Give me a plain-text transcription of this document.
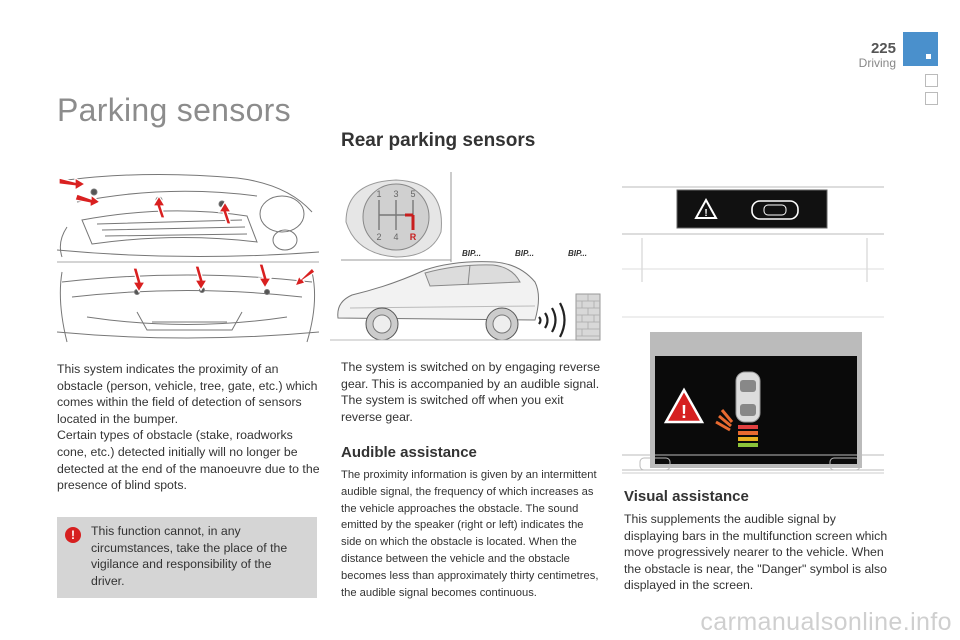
225
Driving
Parking sensors
Rear parking sensors
1 3 5
2 4 R
BIP...	BIP...	BIP...
!
!
This system indicates the proximity of an obstacle (person, vehicle, tree, gate, etc.) which comes within the field of detection of sensors located in the bumper.
Certain types of obstacle (stake, roadworks cone, etc.) detected initially will no longer be detected at the end of the manoeuvre due to the presence of blind spots.
!	This function cannot, in any circumstances, take the place of the vigilance and responsibility of the driver.
The system is switched on by engaging reverse gear. This is accompanied by an audible signal. The system is switched off when you exit reverse gear.
Audible assistance
The proximity information is given by an intermittent audible signal, the frequency of which increases as the vehicle approaches the obstacle. The sound emitted by the speaker (right or left) indicates the side on which the obstacle is located. When the distance between the vehicle and the obstacle becomes less than approximately thirty centimetres, the audible signal becomes continuous.
Visual assistance
This supplements the audible signal by displaying bars in the multifunction screen which move progressively nearer to the vehicle. When the obstacle is near, the "Danger" symbol is also displayed in the screen.
carmanualsonline.info
